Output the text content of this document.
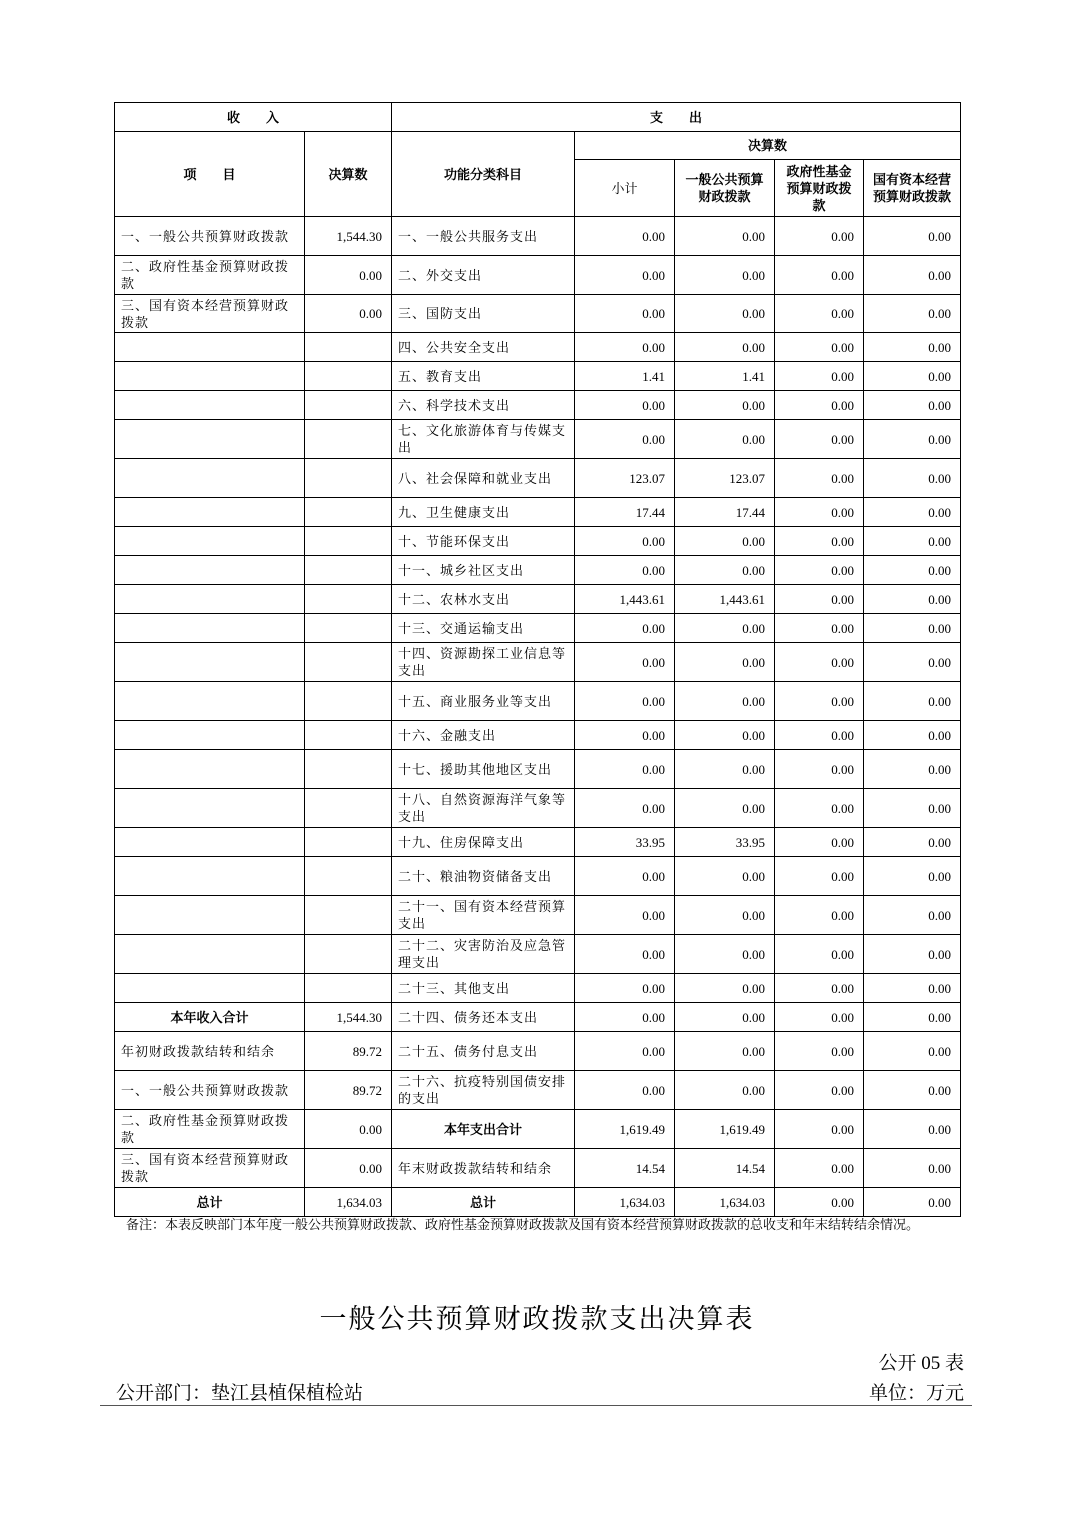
收　　入		支　　出				
项　　目	决算数	功能分类科目	决算数			
			小计	一般公共预算财政拨款	政府性基金预算财政拨款	国有资本经营预算财政拨款
一、一般公共预算财政拨款	1,544.30	一、一般公共服务支出	0.00	0.00	0.00	0.00
二、政府性基金预算财政拨款	0.00	二、外交支出	0.00	0.00	0.00	0.00
三、国有资本经营预算财政拨款	0.00	三、国防支出	0.00	0.00	0.00	0.00
		四、公共安全支出	0.00	0.00	0.00	0.00
		五、教育支出	1.41	1.41	0.00	0.00
		六、科学技术支出	0.00	0.00	0.00	0.00
		七、文化旅游体育与传媒支出	0.00	0.00	0.00	0.00
		八、社会保障和就业支出	123.07	123.07	0.00	0.00
		九、卫生健康支出	17.44	17.44	0.00	0.00
		十、节能环保支出	0.00	0.00	0.00	0.00
		十一、城乡社区支出	0.00	0.00	0.00	0.00
		十二、农林水支出	1,443.61	1,443.61	0.00	0.00
		十三、交通运输支出	0.00	0.00	0.00	0.00
		十四、资源勘探工业信息等支出	0.00	0.00	0.00	0.00
		十五、商业服务业等支出	0.00	0.00	0.00	0.00
		十六、金融支出	0.00	0.00	0.00	0.00
		十七、援助其他地区支出	0.00	0.00	0.00	0.00
		十八、自然资源海洋气象等支出	0.00	0.00	0.00	0.00
		十九、住房保障支出	33.95	33.95	0.00	0.00
		二十、粮油物资储备支出	0.00	0.00	0.00	0.00
		二十一、国有资本经营预算支出	0.00	0.00	0.00	0.00
		二十二、灾害防治及应急管理支出	0.00	0.00	0.00	0.00
		二十三、其他支出	0.00	0.00	0.00	0.00
本年收入合计	1,544.30	二十四、债务还本支出	0.00	0.00	0.00	0.00
年初财政拨款结转和结余	89.72	二十五、债务付息支出	0.00	0.00	0.00	0.00
一、一般公共预算财政拨款	89.72	二十六、抗疫特别国债安排的支出	0.00	0.00	0.00	0.00
二、政府性基金预算财政拨款	0.00	本年支出合计	1,619.49	1,619.49	0.00	0.00
三、国有资本经营预算财政拨款	0.00	年末财政拨款结转和结余	14.54	14.54	0.00	0.00
总计	1,634.03	总计	1,634.03	1,634.03	0.00	0.00
备注：本表反映部门本年度一般公共预算财政拨款、政府性基金预算财政拨款及国有资本经营预算财政拨款的总收支和年末结转结余情况。
一般公共预算财政拨款支出决算表
公开 05 表
公开部门：垫江县植保植检站	单位：万元
